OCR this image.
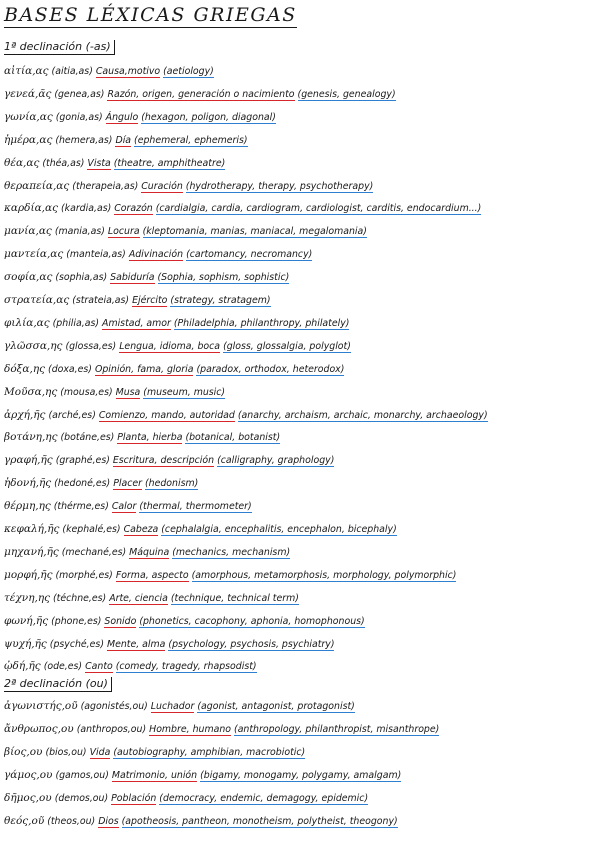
BASES LÉXICAS GRIEGAS
1ª declinación (-as)
αἰτία,ας (aitia,as) Causa,motivo (aetiology)
γενεά,ᾶς (genea,as) Razón, origen, generación o nacimiento (genesis, genealogy)
γωνία,ας (gonia,as) Ángulo (hexagon, poligon, diagonal)
ἡμέρα,ας (hemera,as) Día (ephemeral, ephemeris)
θέα,ας (théa,as) Vista (theatre, amphitheatre)
θεραπεία,ας (therapeia,as) Curación (hydrotherapy, therapy, psychotherapy)
καρδία,ας (kardia,as) Corazón (cardialgia, cardia, cardiogram, cardiologist, carditis, endocardium...)
μανία,ας (mania,as) Locura (kleptomania, manias, maniacal, megalomania)
μαντεία,ας (manteia,as) Adivinación (cartomancy, necromancy)
σοφία,ας (sophia,as) Sabiduría (Sophia, sophism, sophistic)
στρατεία,ας (strateia,as) Ejército (strategy, stratagem)
φιλία,ας (philia,as) Amistad, amor (Philadelphia, philanthropy, philately)
γλῶσσα,ης (glossa,es) Lengua, idioma, boca (gloss, glossalgia, polyglot)
δόξα,ης (doxa,es) Opinión, fama, gloria (paradox, orthodox, heterodox)
Μοῦσα,ης (mousa,es) Musa (museum, music)
ἀρχή,ῆς (arché,es) Comienzo, mando, autoridad (anarchy, archaism, archaic, monarchy, archaeology)
βοτάνη,ης (botáne,es) Planta, hierba (botanical, botanist)
γραφή,ῆς (graphé,es) Escritura, descripción (calligraphy, graphology)
ἡδονή,ῆς (hedoné,es) Placer (hedonism)
θέρμη,ης (thérme,es) Calor (thermal, thermometer)
κεφαλή,ῆς (kephalé,es) Cabeza (cephalalgia, encephalitis, encephalon, bicephaly)
μηχανή,ῆς (mechané,es) Máquina (mechanics, mechanism)
μορφή,ῆς (morphé,es) Forma, aspecto (amorphous, metamorphosis, morphology, polymorphic)
τέχνη,ης (téchne,es) Arte, ciencia (technique, technical term)
φωνή,ῆς (phone,es) Sonido (phonetics, cacophony, aphonia, homophonous)
ψυχή,ῆς (psyché,es) Mente, alma (psychology, psychosis, psychiatry)
ᾠδή,ῆς (ode,es) Canto (comedy, tragedy, rhapsodist)
2ª declinación (ou)
ἀγωνιστής,οῦ (agonistés,ou) Luchador (agonist, antagonist, protagonist)
ἄνθρωπος,ου (anthropos,ou) Hombre, humano (anthropology, philanthropist, misanthrope)
βίος,ου (bios,ou) Vida (autobiography, amphibian, macrobiotic)
γάμος,ου (gamos,ou) Matrimonio, unión (bigamy, monogamy, polygamy, amalgam)
δῆμος,ου (demos,ou) Población (democracy, endemic, demagogy, epidemic)
θεός,οῦ (theos,ou) Dios (apotheosis, pantheon, monotheism, polytheist, theogony)
